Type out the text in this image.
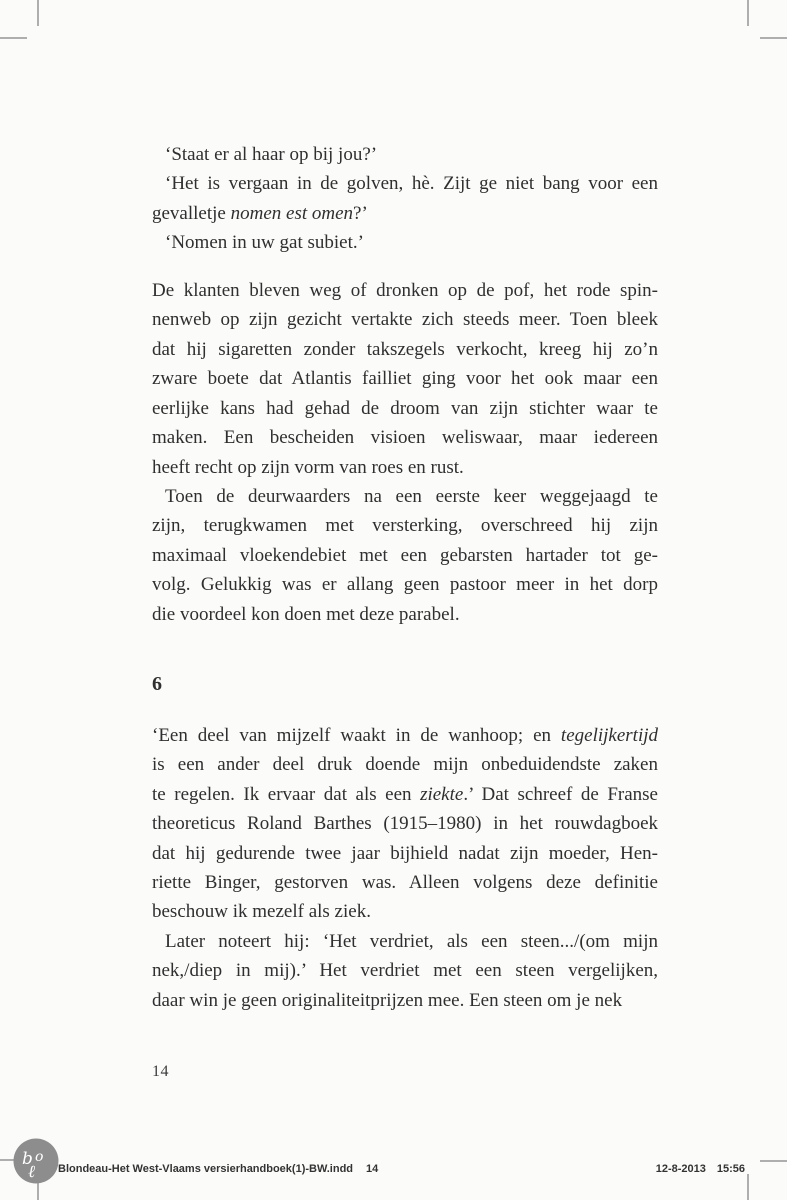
‘Staat er al haar op bij jou?’
‘Het is vergaan in de golven, hè. Zijt ge niet bang voor een
gevalletje nomen est omen?’
‘Nomen in uw gat subiet.’
De klanten bleven weg of dronken op de pof, het rode spin-
nenweb op zijn gezicht vertakte zich steeds meer. Toen bleek
dat hij sigaretten zonder takszegels verkocht, kreeg hij zo’n
zware boete dat Atlantis failliet ging voor het ook maar een
eerlijke kans had gehad de droom van zijn stichter waar te
maken. Een bescheiden visioen weliswaar, maar iedereen
heeft recht op zijn vorm van roes en rust.
Toen de deurwaarders na een eerste keer weggejaagd te
zijn, terugkwamen met versterking, overschreed hij zijn
maximaal vloekendebiet met een gebarsten hartader tot ge-
volg. Gelukkig was er allang geen pastoor meer in het dorp
die voordeel kon doen met deze parabel.
6
‘Een deel van mijzelf waakt in de wanhoop; en tegelijkertijd
is een ander deel druk doende mijn onbeduidendste zaken
te regelen. Ik ervaar dat als een ziekte.’ Dat schreef de Franse
theoreticus Roland Barthes (1915–1980) in het rouwdagboek
dat hij gedurende twee jaar bijhield nadat zijn moeder, Hen-
riette Binger, gestorven was. Alleen volgens deze definitie
beschouw ik mezelf als ziek.
Later noteert hij: ‘Het verdriet, als een steen.../(om mijn
nek,/diep in mij).’ Het verdriet met een steen vergelijken,
daar win je geen originaliteitprijzen mee. Een steen om je nek
14
Blondeau-Het West-Vlaams versierhandboek(1)-BW.indd 14	12-8-2013 15:56
b o
ℓ
